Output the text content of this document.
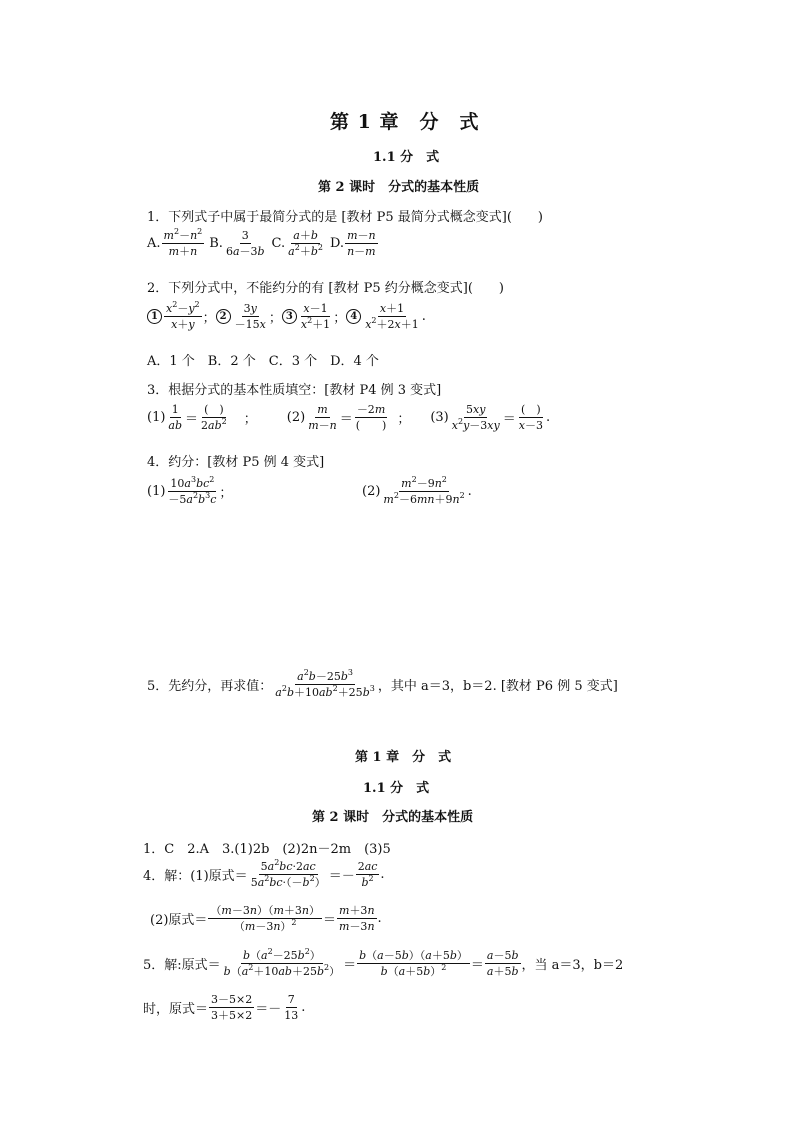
第 1 章　分　式
1.1 分　式
第 2 课时　分式的基本性质
1．下列式子中属于最简分式的是 [教材 P5 最简分式概念变式](　　)
A. $\frac{m^2-n^2}{m+n} B$. $\frac{3}{6a-3b} C$. $\frac{a+b}{a^2+b^2} D$. $\frac{m-n}{n-m}$
2．下列分式中，不能约分的有 [教材 P5 约分概念变式](　　)
$1 \frac{x^2-y^2}{x+y}$ ； $2 \frac{3y}{-15x}$ ； $3 \frac{x-1}{x^2+1}$ ； $4 \frac{x+1}{x^2+2x+1}$ .
A．1 个　B．2 个　C．3 个　D．4 个
3．根据分式的基本性质填空：[教材 P4 例 3 变式]
$(1) \frac{1}{ab} = \frac{( )}{2ab^2}$ ； $(2) \frac{m}{m-n} = \frac{-2m}{( )}$ ； $(3) \frac{5xy}{x^2y-3xy} = \frac{( )}{x-3}$ .
4．约分：[教材 P5 例 4 变式]
$(1) \frac{10a^3bc^2}{-5a^2b^3c}$ ；	$(2) \frac{m^2-9n^2}{m^2-6mn+9n^2}$ .
5．先约分，再求值： $\frac{a^2b-25b^3}{a^2b+10ab^2+25b^3}$ ，其中 a＝3，b＝2. [教材 P6 例 5 变式]
第 1 章　分　式
1.1 分　式
第 2 课时　分式的基本性质
1．C　2.A　3.(1)2b　(2)2n－2m　(3)5
4．解：(1)原式＝ $\frac{5a^2bc\cdot 2ac}{5a^2bc\cdot(-b^2)} =- \frac{2ac}{b^2}$ .
(2)原式＝ $\frac{(m-3n)(m+3n)}{(m-3n)^2} = \frac{m+3n}{m-3n}$ .
5．解:原式＝ $\frac{b(a^2-25b^2)}{b(a^2+10ab+25b^2)} = \frac{b(a-5b)(a+5b)}{b(a+5b)^2} = \frac{a-5b}{a+5b}$ ，当 a＝3，b＝2
时，原式＝ $\frac{3-5\times 2}{3+5\times 2} =- \frac{7}{13}$ .
